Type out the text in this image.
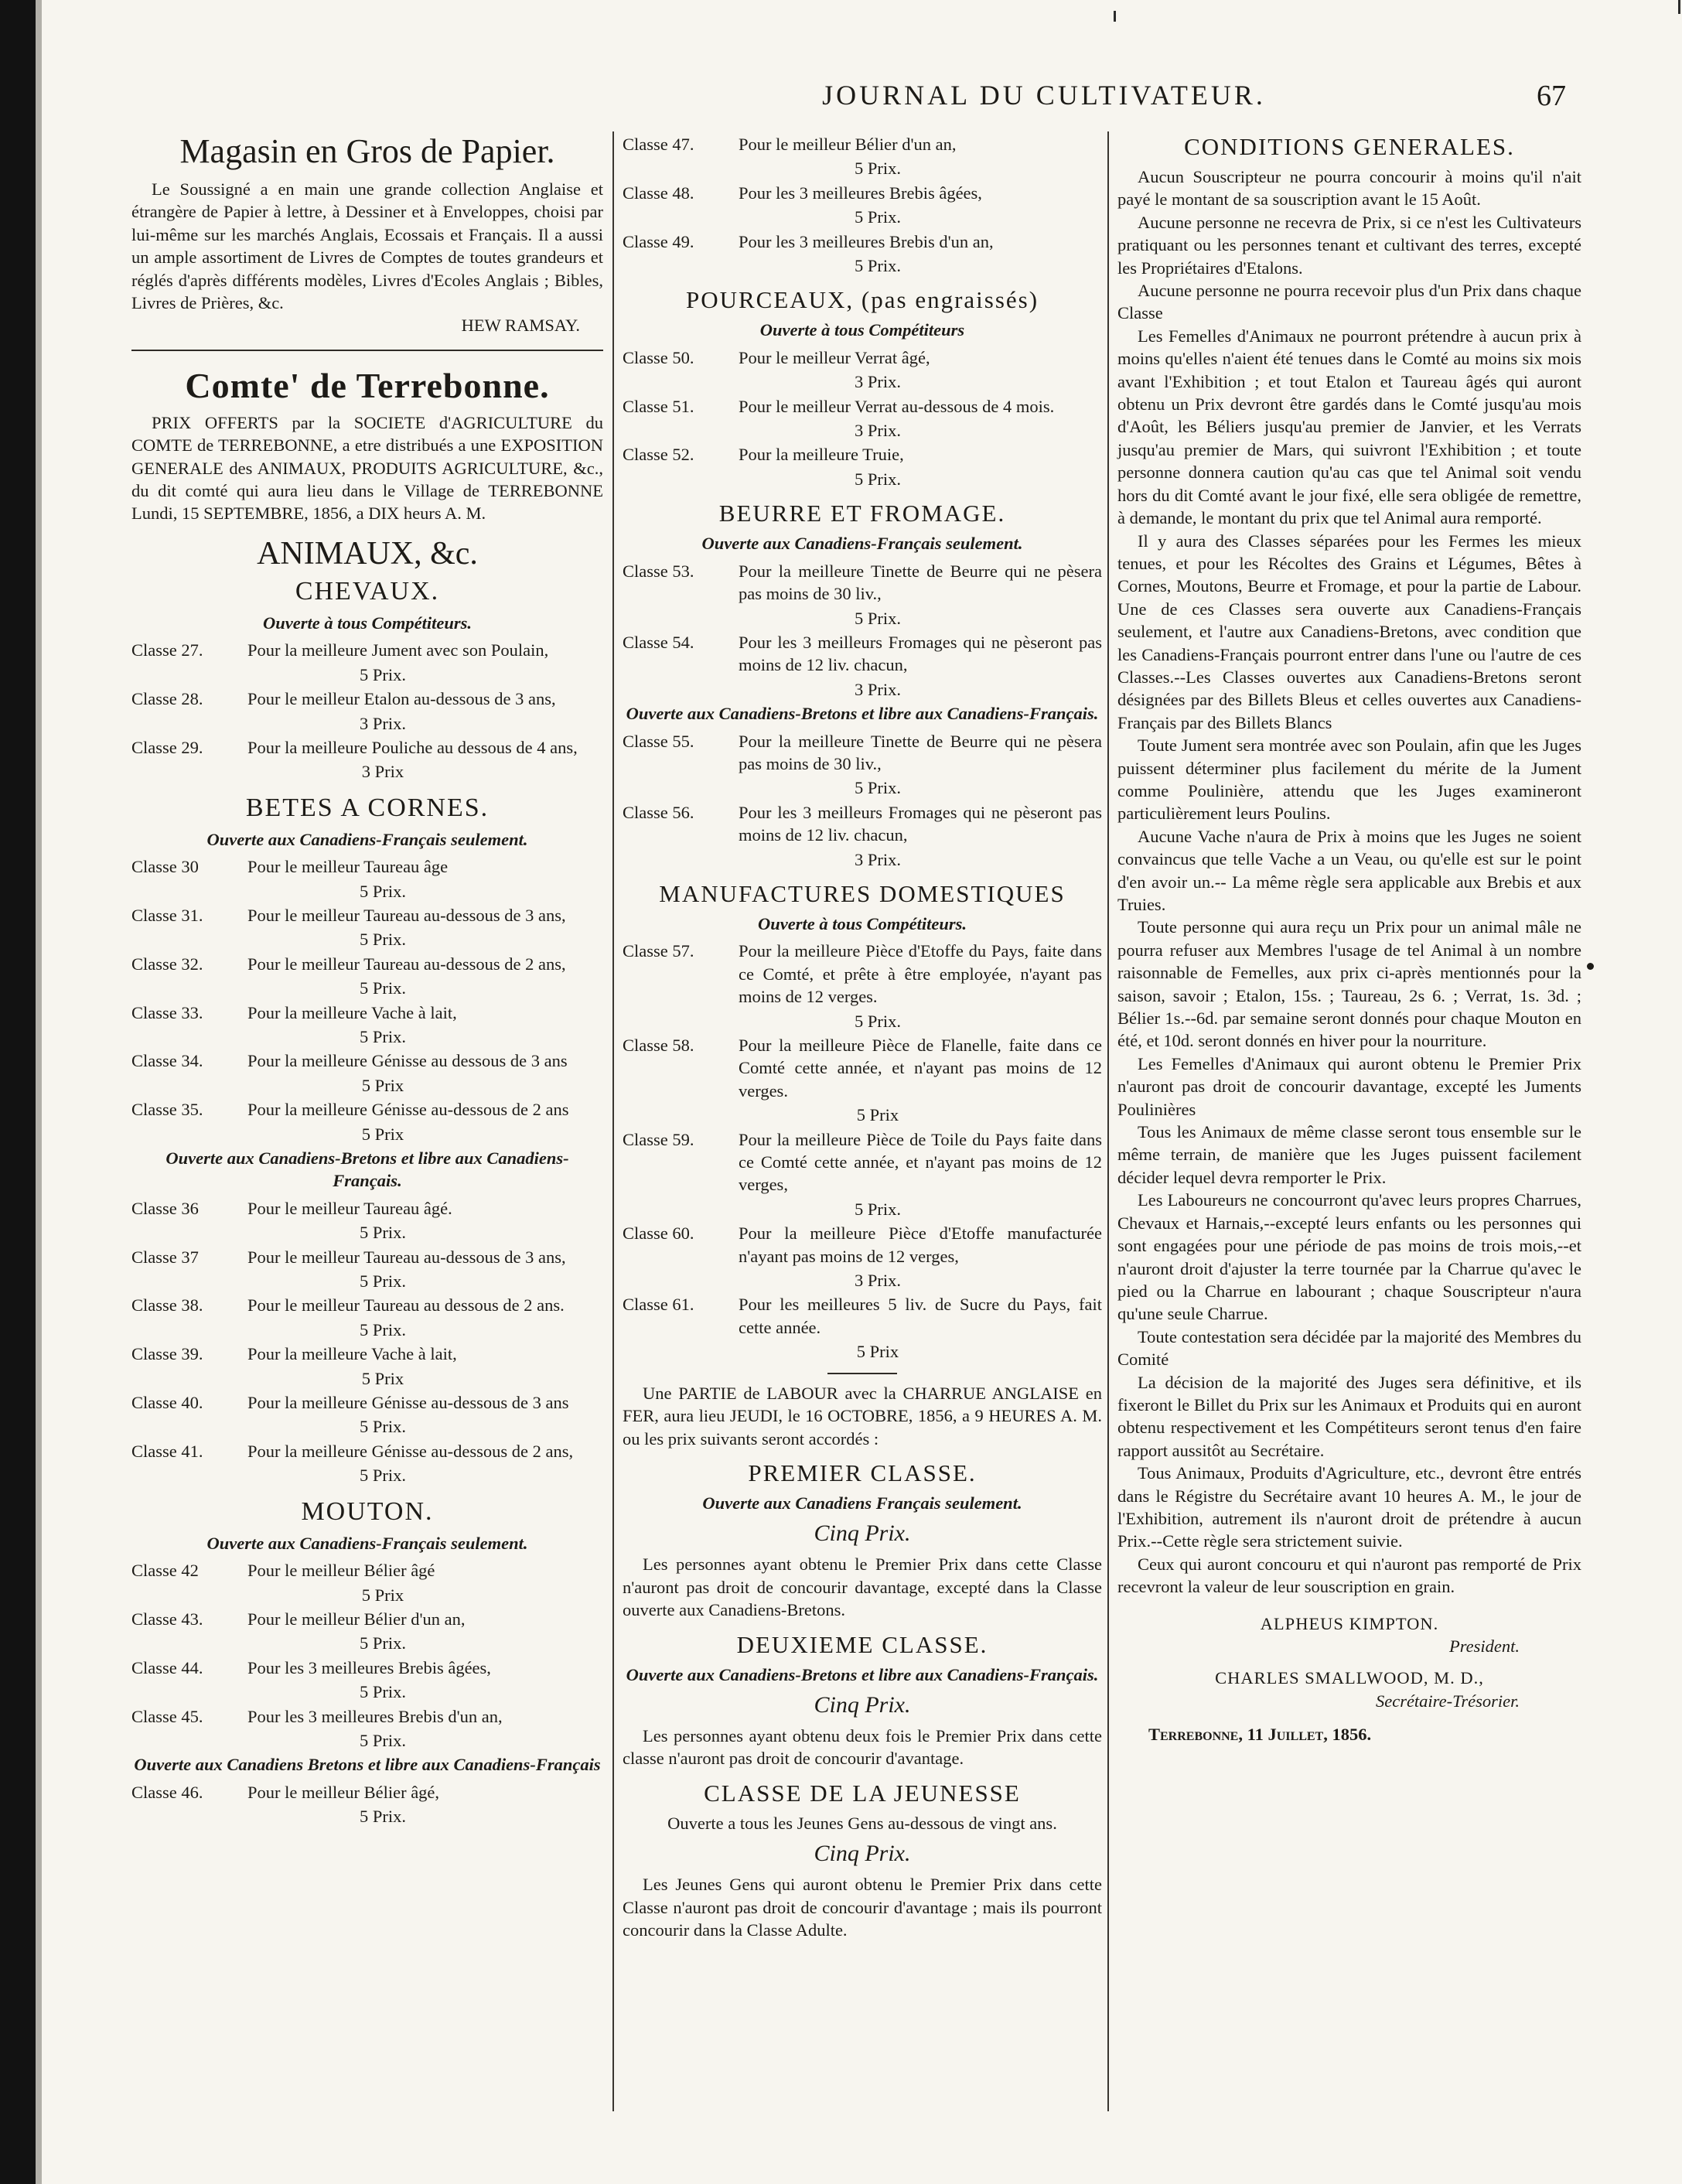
JOURNAL DU CULTIVATEUR.	67
Magasin en Gros de Papier.
Le Soussigné a en main une grande collection Anglaise et étrangère de Papier à lettre, à Dessiner et à Enveloppes, choisi par lui-même sur les marchés Anglais, Ecossais et Français. Il a aussi un ample assortiment de Livres de Comptes de toutes grandeurs et réglés d'après différents modèles, Livres d'Ecoles Anglais ; Bibles, Livres de Prières, &c.
HEW RAMSAY.
Comte' de Terrebonne.
PRIX OFFERTS par la SOCIETE d'AGRICULTURE du COMTE de TERREBONNE, a etre distribués a une EXPOSITION GENERALE des ANIMAUX, PRODUITS AGRICULTURE, &c., du dit comté qui aura lieu dans le Village de TERREBONNE Lundi, 15 SEPTEMBRE, 1856, a DIX heurs A. M.
ANIMAUX, &c.
CHEVAUX.
Ouverte à tous Compétiteurs.
Classe 27.	Pour la meilleure Jument avec son Poulain,
5 Prix.
Classe 28.	Pour le meilleur Etalon au-dessous de 3 ans,
3 Prix.
Classe 29.	Pour la meilleure Pouliche au dessous de 4 ans,
3 Prix
BETES A CORNES.
Ouverte aux Canadiens-Français seulement.
Classe 30	Pour le meilleur Taureau âge
5 Prix.
Classe 31.	Pour le meilleur Taureau au-dessous de 3 ans,
5 Prix.
Classe 32.	Pour le meilleur Taureau au-dessous de 2 ans,
5 Prix.
Classe 33.	Pour la meilleure Vache à lait,
5 Prix.
Classe 34.	Pour la meilleure Génisse au dessous de 3 ans
5 Prix
Classe 35.	Pour la meilleure Génisse au-dessous de 2 ans
5 Prix
Ouverte aux Canadiens-Bretons et libre aux Canadiens-Français.
Classe 36	Pour le meilleur Taureau âgé.
5 Prix.
Classe 37	Pour le meilleur Taureau au-dessous de 3 ans,
5 Prix.
Classe 38.	Pour le meilleur Taureau au dessous de 2 ans.
5 Prix.
Classe 39.	Pour la meilleure Vache à lait,
5 Prix
Classe 40.	Pour la meilleure Génisse au-dessous de 3 ans
5 Prix.
Classe 41.	Pour la meilleure Génisse au-dessous de 2 ans,
5 Prix.
MOUTON.
Ouverte aux Canadiens-Français seulement.
Classe 42	Pour le meilleur Bélier âgé
5 Prix
Classe 43.	Pour le meilleur Bélier d'un an,
5 Prix.
Classe 44.	Pour les 3 meilleures Brebis âgées,
5 Prix.
Classe 45.	Pour les 3 meilleures Brebis d'un an,
5 Prix.
Ouverte aux Canadiens Bretons et libre aux Canadiens-Français
Classe 46.	Pour le meilleur Bélier âgé,
5 Prix.
Classe 47.	Pour le meilleur Bélier d'un an,
5 Prix.
Classe 48.	Pour les 3 meilleures Brebis âgées,
5 Prix.
Classe 49.	Pour les 3 meilleures Brebis d'un an,
5 Prix.
POURCEAUX, (pas engraissés)
Ouverte à tous Compétiteurs
Classe 50.	Pour le meilleur Verrat âgé,
3 Prix.
Classe 51.	Pour le meilleur Verrat au-dessous de 4 mois.
3 Prix.
Classe 52.	Pour la meilleure Truie,
5 Prix.
BEURRE ET FROMAGE.
Ouverte aux Canadiens-Français seulement.
Classe 53.	Pour la meilleure Tinette de Beurre qui ne pèsera pas moins de 30 liv.,
5 Prix.
Classe 54.	Pour les 3 meilleurs Fromages qui ne pèseront pas moins de 12 liv. chacun,
3 Prix.
Ouverte aux Canadiens-Bretons et libre aux Canadiens-Français.
Classe 55.	Pour la meilleure Tinette de Beurre qui ne pèsera pas moins de 30 liv.,
5 Prix.
Classe 56.	Pour les 3 meilleurs Fromages qui ne pèseront pas moins de 12 liv. chacun,
3 Prix.
MANUFACTURES DOMESTIQUES
Ouverte à tous Compétiteurs.
Classe 57.	Pour la meilleure Pièce d'Etoffe du Pays, faite dans ce Comté, et prête à être employée, n'ayant pas moins de 12 verges.
5 Prix.
Classe 58.	Pour la meilleure Pièce de Flanelle, faite dans ce Comté cette année, et n'ayant pas moins de 12 verges.
5 Prix
Classe 59.	Pour la meilleure Pièce de Toile du Pays faite dans ce Comté cette année, et n'ayant pas moins de 12 verges,
5 Prix.
Classe 60.	Pour la meilleure Pièce d'Etoffe manufacturée n'ayant pas moins de 12 verges,
3 Prix.
Classe 61.	Pour les meilleures 5 liv. de Sucre du Pays, fait cette année.
5 Prix
Une PARTIE de LABOUR avec la CHARRUE ANGLAISE en FER, aura lieu JEUDI, le 16 OCTOBRE, 1856, a 9 HEURES A. M. ou les prix suivants seront accordés :
PREMIER CLASSE.
Ouverte aux Canadiens Français seulement.
Cinq Prix.
Les personnes ayant obtenu le Premier Prix dans cette Classe n'auront pas droit de concourir davantage, excepté dans la Classe ouverte aux Canadiens-Bretons.
DEUXIEME CLASSE.
Ouverte aux Canadiens-Bretons et libre aux Canadiens-Français.
Cinq Prix.
Les personnes ayant obtenu deux fois le Premier Prix dans cette classe n'auront pas droit de concourir d'avantage.
CLASSE DE LA JEUNESSE
Ouverte a tous les Jeunes Gens au-dessous de vingt ans.
Cinq Prix.
Les Jeunes Gens qui auront obtenu le Premier Prix dans cette Classe n'auront pas droit de concourir d'avantage ; mais ils pourront concourir dans la Classe Adulte.
CONDITIONS GENERALES.
Aucun Souscripteur ne pourra concourir à moins qu'il n'ait payé le montant de sa souscription avant le 15 Août.
Aucune personne ne recevra de Prix, si ce n'est les Cultivateurs pratiquant ou les personnes tenant et cultivant des terres, excepté les Propriétaires d'Etalons.
Aucune personne ne pourra recevoir plus d'un Prix dans chaque Classe
Les Femelles d'Animaux ne pourront prétendre à aucun prix à moins qu'elles n'aient été tenues dans le Comté au moins six mois avant l'Exhibition ; et tout Etalon et Taureau âgés qui auront obtenu un Prix devront être gardés dans le Comté jusqu'au mois d'Août, les Béliers jusqu'au premier de Janvier, et les Verrats jusqu'au premier de Mars, qui suivront l'Exhibition ; et toute personne donnera caution qu'au cas que tel Animal soit vendu hors du dit Comté avant le jour fixé, elle sera obligée de remettre, à demande, le montant du prix que tel Animal aura remporté.
Il y aura des Classes séparées pour les Fermes les mieux tenues, et pour les Récoltes des Grains et Légumes, Bêtes à Cornes, Moutons, Beurre et Fromage, et pour la partie de Labour. Une de ces Classes sera ouverte aux Canadiens-Français seulement, et l'autre aux Canadiens-Bretons, avec condition que les Canadiens-Français pourront entrer dans l'une ou l'autre de ces Classes.--Les Classes ouvertes aux Canadiens-Bretons seront désignées par des Billets Bleus et celles ouvertes aux Canadiens-Français par des Billets Blancs
Toute Jument sera montrée avec son Poulain, afin que les Juges puissent déterminer plus facilement du mérite de la Jument comme Poulinière, attendu que les Juges examineront particulièrement leurs Poulins.
Aucune Vache n'aura de Prix à moins que les Juges ne soient convaincus que telle Vache a un Veau, ou qu'elle est sur le point d'en avoir un.-- La même règle sera applicable aux Brebis et aux Truies.
Toute personne qui aura reçu un Prix pour un animal mâle ne pourra refuser aux Membres l'usage de tel Animal à un nombre raisonnable de Femelles, aux prix ci-après mentionnés pour la saison, savoir ; Etalon, 15s. ; Taureau, 2s 6. ; Verrat, 1s. 3d. ; Bélier 1s.--6d. par semaine seront donnés pour chaque Mouton en été, et 10d. seront donnés en hiver pour la nourriture.
Les Femelles d'Animaux qui auront obtenu le Premier Prix n'auront pas droit de concourir davantage, excepté les Juments Poulinières
Tous les Animaux de même classe seront tous ensemble sur le même terrain, de manière que les Juges puissent facilement décider lequel devra remporter le Prix.
Les Laboureurs ne concourront qu'avec leurs propres Charrues, Chevaux et Harnais,--excepté leurs enfants ou les personnes qui sont engagées pour une période de pas moins de trois mois,--et n'auront droit d'ajuster la terre tournée par la Charrue qu'avec le pied ou la Charrue en labourant ; chaque Souscripteur n'aura qu'une seule Charrue.
Toute contestation sera décidée par la majorité des Membres du Comité
La décision de la majorité des Juges sera définitive, et ils fixeront le Billet du Prix sur les Animaux et Produits qui en auront obtenu respectivement et les Compétiteurs seront tenus d'en faire rapport aussitôt au Secrétaire.
Tous Animaux, Produits d'Agriculture, etc., devront être entrés dans le Régistre du Secrétaire avant 10 heures A. M., le jour de l'Exhibition, autrement ils n'auront droit de prétendre à aucun Prix.--Cette règle sera strictement suivie.
Ceux qui auront concouru et qui n'auront pas remporté de Prix recevront la valeur de leur souscription en grain.
ALPHEUS KIMPTON.
President.
CHARLES SMALLWOOD, M. D.,
Secrétaire-Trésorier.
Terrebonne, 11 Juillet, 1856.
